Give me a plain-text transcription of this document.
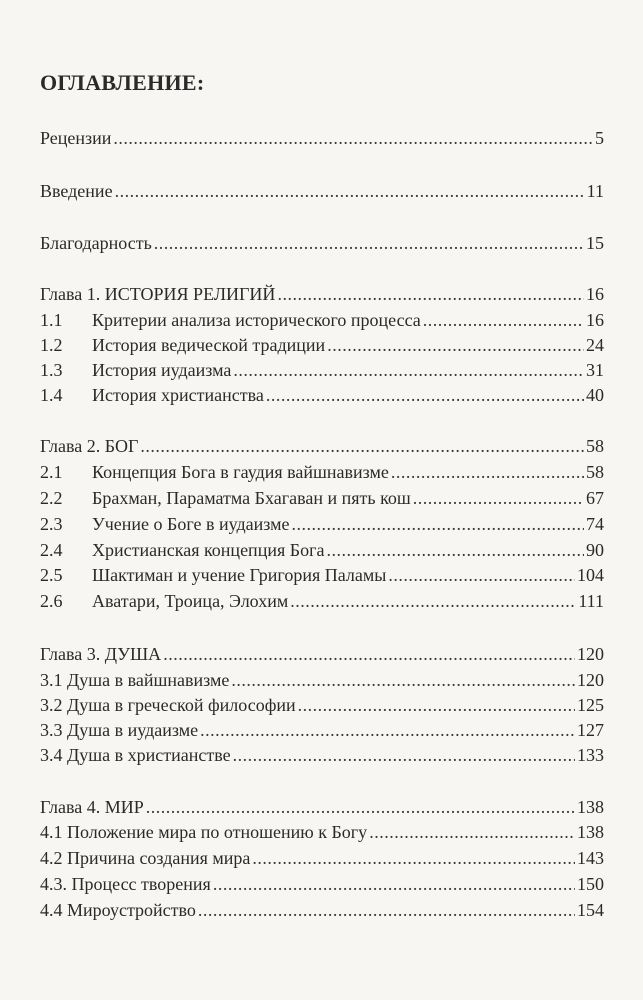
ОГЛАВЛЕНИЕ:
Рецензии .....	5
Введение .....	11
Благодарность .....	15
Глава 1. ИСТОРИЯ РЕЛИГИЙ .....	16
1.1	Критерии анализа исторического процесса .....	16
1.2	История ведической традиции .....	24
1.3	История иудаизма .....	31
1.4	История христианства .....	40
Глава 2. БОГ .....	58
2.1	Концепция Бога в гаудия вайшнавизме .....	58
2.2	Брахман, Параматма Бхагаван и пять кош .....	67
2.3	Учение о Боге в иудаизме .....	74
2.4	Христианская концепция Бога .....	90
2.5	Шактиман и учение Григория Паламы .....	104
2.6	Аватари, Троица, Элохим .....	111
Глава 3. ДУША .....	120
3.1 Душа в вайшнавизме .....	120
3.2 Душа в греческой философии .....	125
3.3 Душа в иудаизме .....	127
3.4 Душа в христианстве .....	133
Глава 4. МИР .....	138
4.1 Положение мира по отношению к Богу .....	138
4.2 Причина создания мира .....	143
4.3. Процесс творения .....	150
4.4 Мироустройство .....	154
